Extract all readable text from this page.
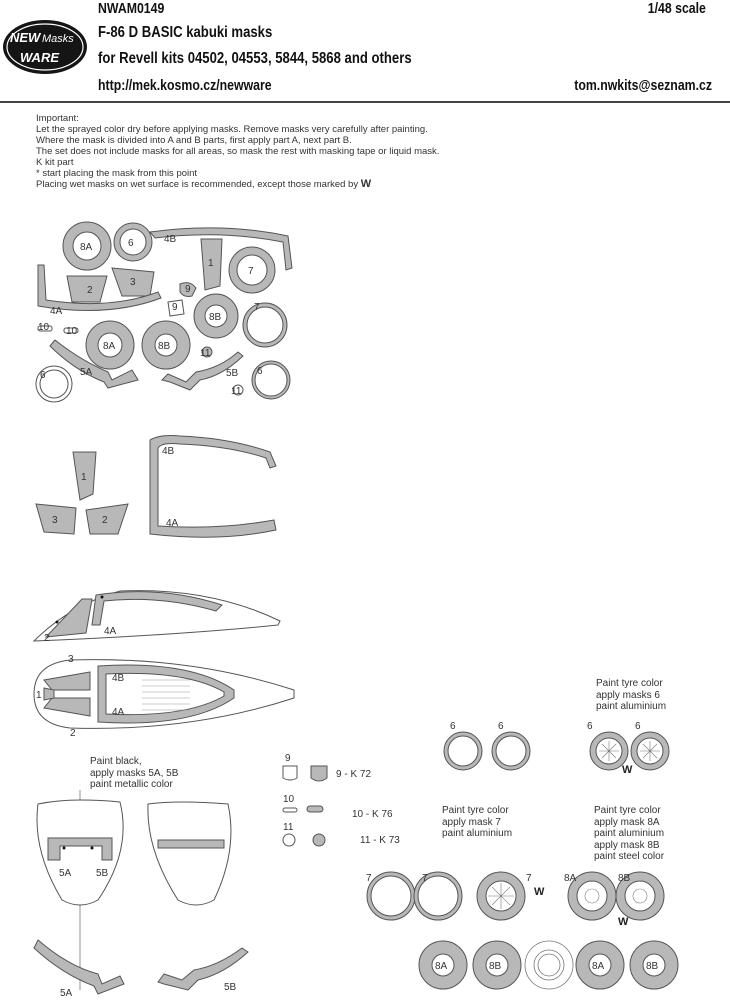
NEW Masks
WARE
NWAM0149	1/48 scale
F-86 D BASIC kabuki masks
for Revell kits 04502, 04553, 5844, 5868 and others
http://mek.kosmo.cz/newware	tom.nwkits@seznam.cz
Important:
Let the sprayed color dry before applying masks. Remove masks very carefully after painting.
Where the mask is divided into A and B parts, first apply part A, next part B.
The set does not include masks for all areas, so mask the rest with masking tape or liquid mask.
K kit part
* start placing the mask from this point
Placing wet masks on wet surface is recommended, except those marked by W
8A	6	4B
1
2
3
7
9
9
4A
10 10
8B
7
8A	8B
11
5A	5B
6	6
11
1
3	2
4B
4A
2
4A
3
1
4B
4A
2
6	6	6	6
7	7	7	8A	8B
8A	8B	8A	8B
W
W
W
Paint tyre color
apply masks 6
paint aluminium
Paint tyre color
apply mask 7
paint aluminium
Paint tyre color
apply mask 8A
paint aluminium
apply mask 8B
paint steel color
9
10
11
9 - K 72
10 - K 76
11 - K 73
Paint black,
apply masks 5A, 5B
paint metallic color
5A 5B
5A
5B
